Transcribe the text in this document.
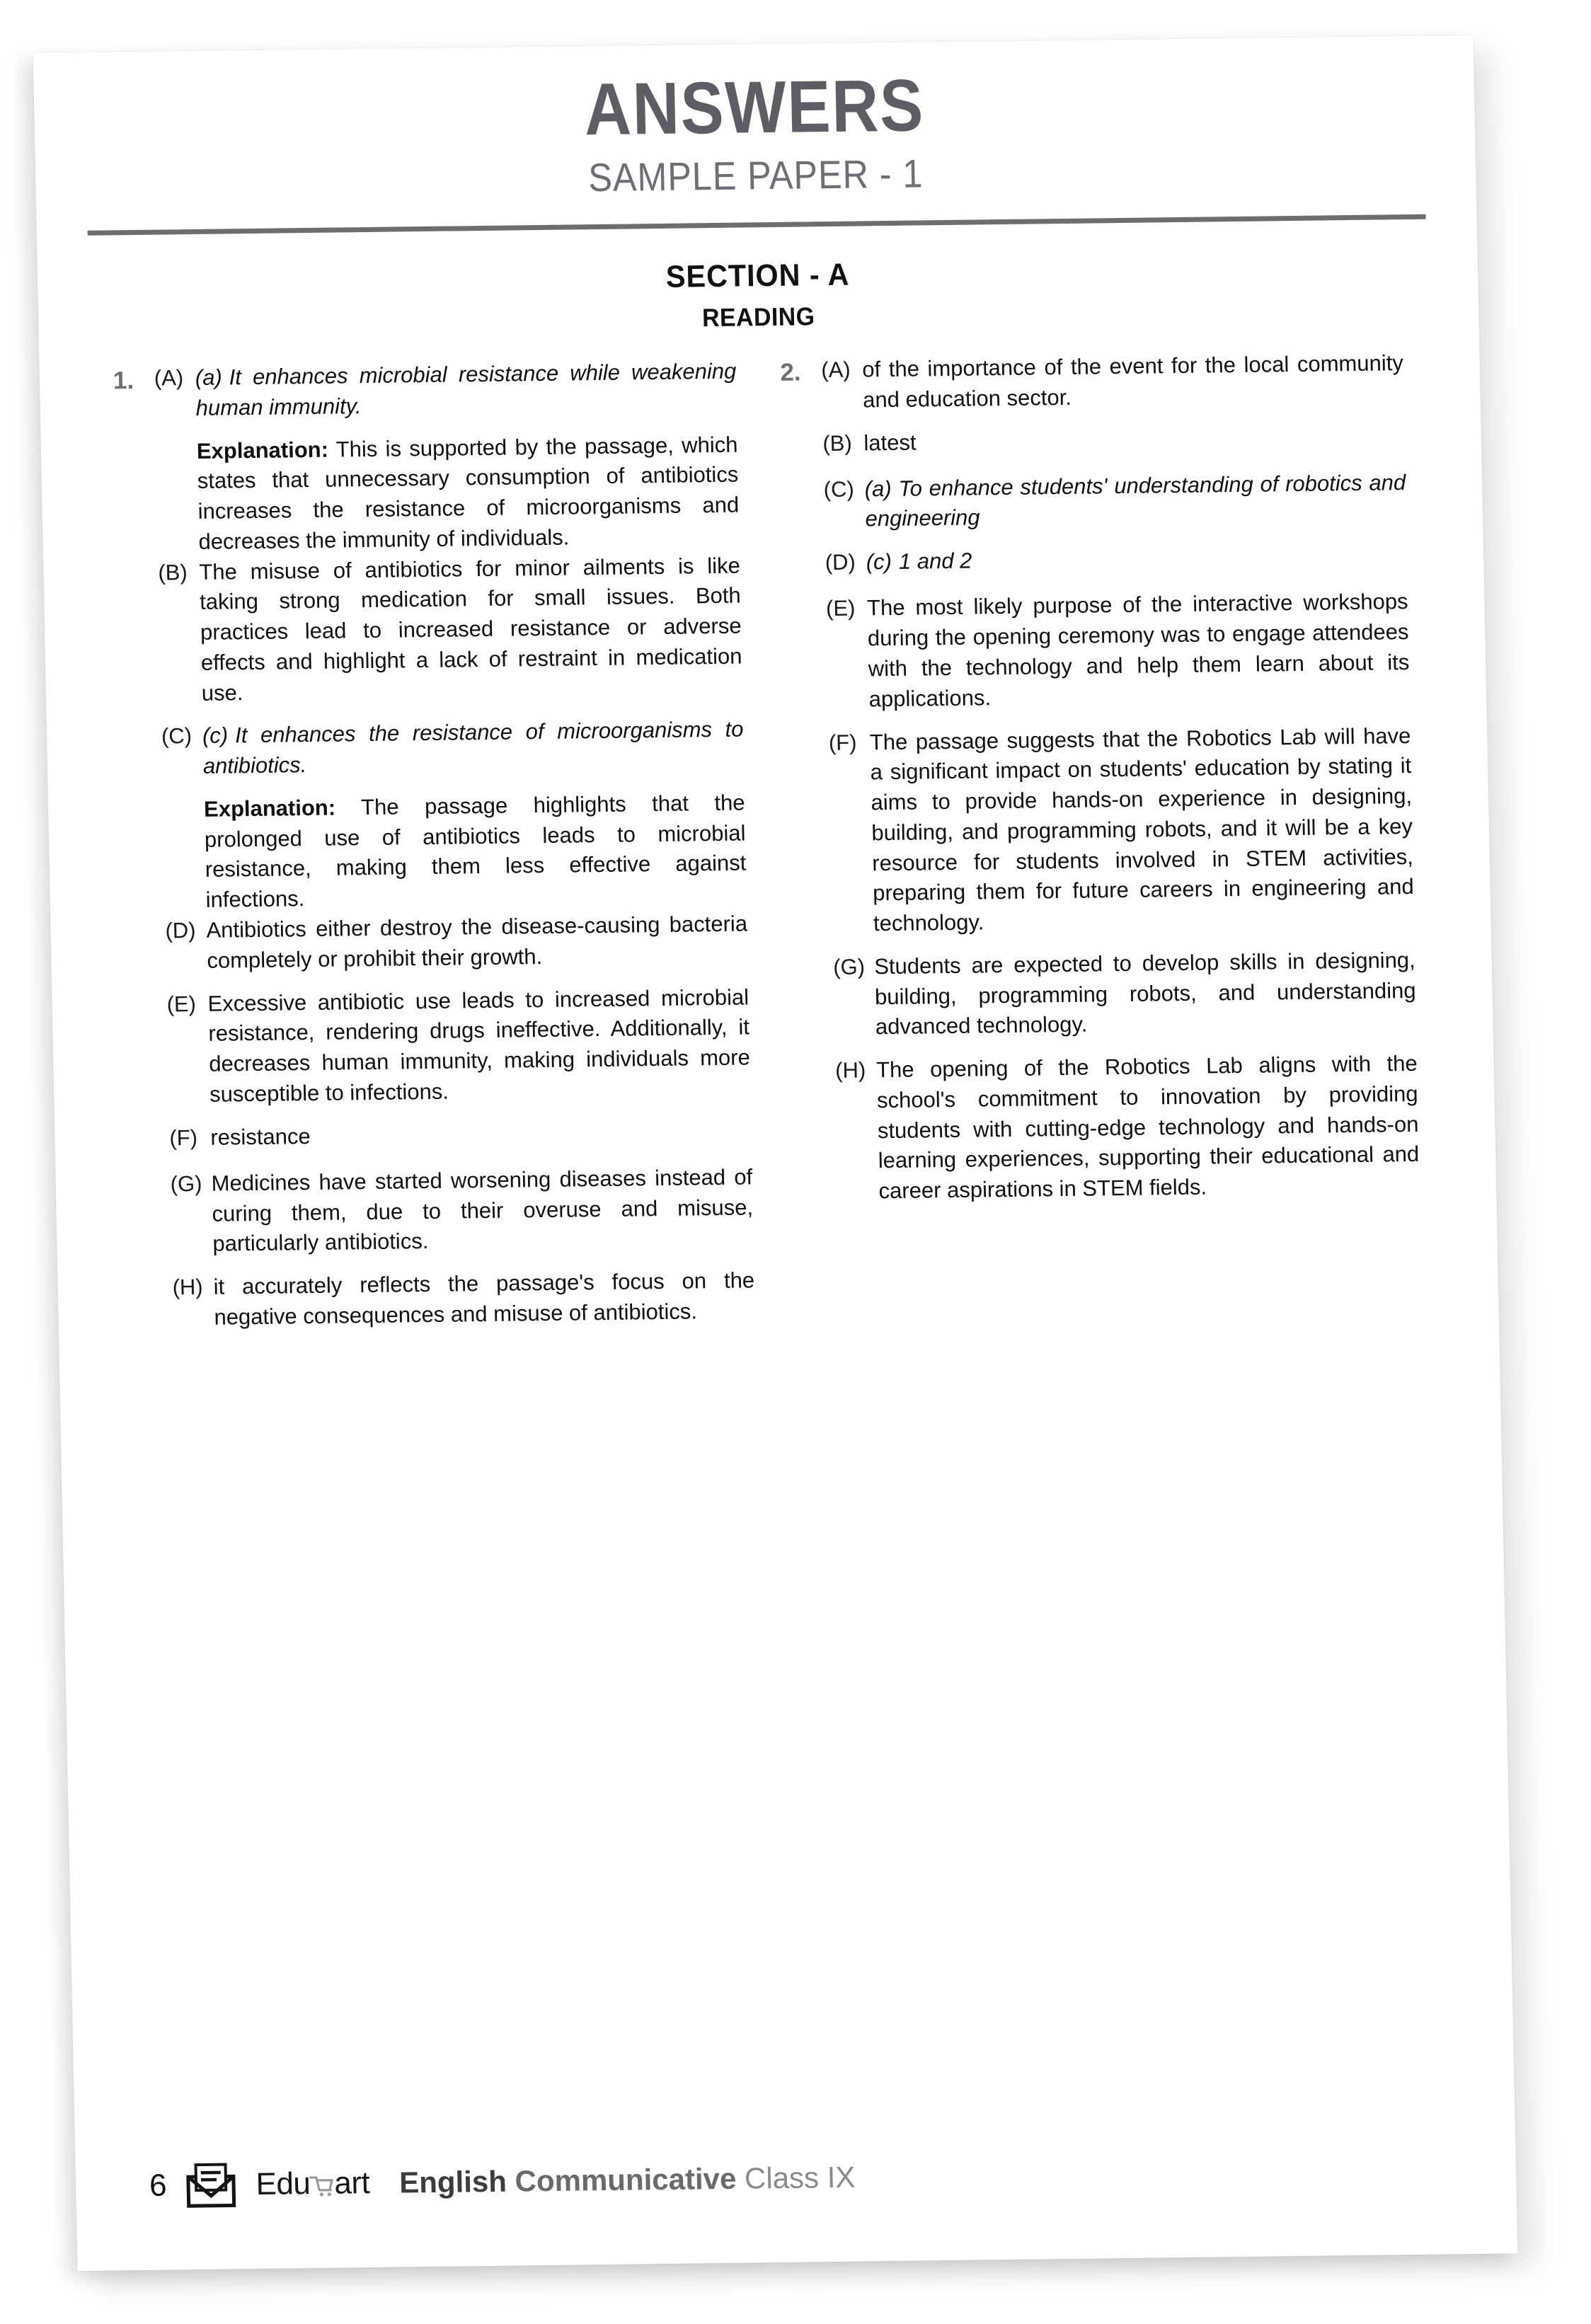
ANSWERS
SAMPLE PAPER - 1
SECTION - A
READING
1. (A) (a) It enhances microbial resistance while weakening human immunity.
Explanation: This is supported by the passage, which states that unnecessary consumption of antibiotics increases the resistance of microorganisms and decreases the immunity of individuals.
(B) The misuse of antibiotics for minor ailments is like taking strong medication for small issues. Both practices lead to increased resistance or adverse effects and highlight a lack of restraint in medication use.
(C) (c) It enhances the resistance of microorganisms to antibiotics.
Explanation: The passage highlights that the prolonged use of antibiotics leads to microbial resistance, making them less effective against infections.
(D) Antibiotics either destroy the disease-causing bacteria completely or prohibit their growth.
(E) Excessive antibiotic use leads to increased microbial resistance, rendering drugs ineffective. Additionally, it decreases human immunity, making individuals more susceptible to infections.
(F) resistance
(G) Medicines have started worsening diseases instead of curing them, due to their overuse and misuse, particularly antibiotics.
(H) it accurately reflects the passage's focus on the negative consequences and misuse of antibiotics.
2. (A) of the importance of the event for the local community and education sector.
(B) latest
(C) (a) To enhance students' understanding of robotics and engineering
(D) (c) 1 and 2
(E) The most likely purpose of the interactive workshops during the opening ceremony was to engage attendees with the technology and help them learn about its applications.
(F) The passage suggests that the Robotics Lab will have a significant impact on students' education by stating it aims to provide hands-on experience in designing, building, and programming robots, and it will be a key resource for students involved in STEM activities, preparing them for future careers in engineering and technology.
(G) Students are expected to develop skills in designing, building, programming robots, and understanding advanced technology.
(H) The opening of the Robotics Lab aligns with the school's commitment to innovation by providing students with cutting-edge technology and hands-on learning experiences, supporting their educational and career aspirations in STEM fields.
6	Edu art English Communicative Class IX
